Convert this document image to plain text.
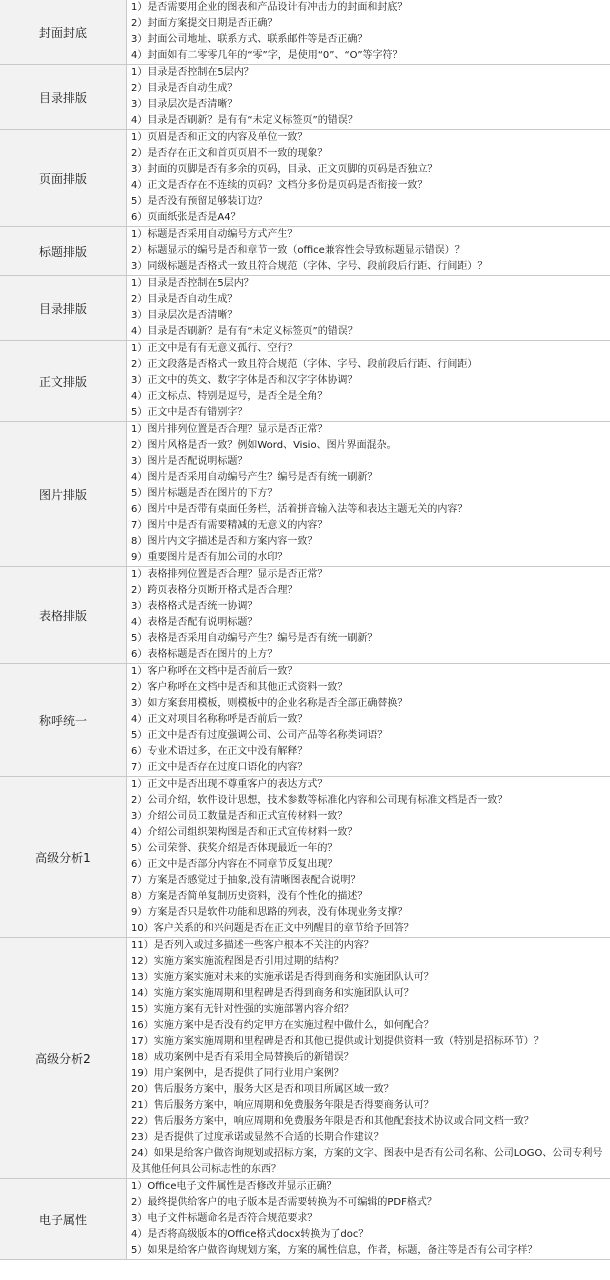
封面封底
1）是否需要用企业的图表和产品设计有冲击力的封面和封底？
2）封面方案提交日期是否正确？
3）封面公司地址、联系方式、联系邮件等是否正确？
4）封面如有二零零几年的“零”字，是使用“0”、“O”等字符？
目录排版
1）目录是否控制在5层内？
2）目录是否自动生成？
3）目录层次是否清晰？
4）目录是否刷新？是有有“未定义标签页”的错误？
页面排版
1）页眉是否和正文的内容及单位一致？
2）是否存在正文和首页页眉不一致的现象？
3）封面的页脚是否有多余的页码，目录、正文页脚的页码是否独立？
4）正文是否存在不连续的页码？文档分多份是页码是否衔接一致？
5）是否没有预留足够装订边？
6）页面纸张是否是A4？
标题排版
1）标题是否采用自动编号方式产生？
2）标题显示的编号是否和章节一致（office兼容性会导致标题显示错误）？
3）同级标题是否格式一致且符合规范（字体、字号、段前段后行距、行间距）？
目录排版
1）目录是否控制在5层内？
2）目录是否自动生成？
3）目录层次是否清晰？
4）目录是否刷新？是有有“未定义标签页”的错误？
正文排版
1）正文中是有有无意义孤行、空行？
2）正文段落是否格式一致且符合规范（字体、字号、段前段后行距、行间距）
3）正文中的英文、数字字体是否和汉字字体协调？
4）正文标点、特别是逗号，是否全是全角？
5）正文中是否有错别字？
图片排版
1）图片排列位置是否合理？显示是否正常？
2）图片风格是否一致？例如Word、Visio、图片界面混杂。
3）图片是否配说明标题？
4）图片是否采用自动编号产生？编号是否有统一刷新？
5）图片标题是否在图片的下方？
6）图片中是否带有桌面任务栏，活着拼音输入法等和表达主题无关的内容？
7）图片中是否有需要精减的无意义的内容？
8）图片内文字描述是否和方案内容一致？
9）重要图片是否有加公司的水印？
表格排版
1）表格排列位置是否合理？显示是否正常？
2）跨页表格分页断开格式是否合理？
3）表格格式是否统一协调？
4）表格是否配有说明标题？
5）表格是否采用自动编号产生？编号是否有统一刷新？
6）表格标题是否在图片的上方？
称呼统一
1）客户称呼在文档中是否前后一致？
2）客户称呼在文档中是否和其他正式资料一致？
3）如方案套用模板，则模板中的企业名称是否全部正确替换？
4）正文对项目名称称呼是否前后一致？
5）正文中是否有过度强调公司、公司产品等名称类词语？
6）专业术语过多，在正文中没有解释？
7）正文中是否存在过度口语化的内容？
高级分析1
1）正文中是否出现不尊重客户的表达方式？
2）公司介绍，软件设计思想，技术参数等标准化内容和公司现有标准文档是否一致？
3）介绍公司员工数量是否和正式宣传材料一致？
4）介绍公司组织架构图是否和正式宣传材料一致？
5）公司荣誉、获奖介绍是否体现最近一年的？
6）正文中是否部分内容在不同章节反复出现？
7）方案是否感觉过于抽象,没有清晰图表配合说明？
8）方案是否简单复制历史资料，没有个性化的描述？
9）方案是否只是软件功能和思路的列表，没有体现业务支撑？
10）客户关系的和兴问题是否在正文中列醒目的章节给予回答？
高级分析2
11）是否列入或过多描述一些客户根本不关注的内容？
12）实施方案实施流程图是否引用过期的结构？
13）实施方案实施对未来的实施承诺是否得到商务和实施团队认可？
14）实施方案实施周期和里程碑是否得到商务和实施团队认可？
15）实施方案有无针对性强的实施部署内容介绍？
16）实施方案中是否没有约定甲方在实施过程中做什么，如何配合？
17）实施方案实施周期和里程碑是否和其他已提供或计划提供资料一致（特别是招标环节）？
18）成功案例中是否有采用全局替换后的新错误？
19）用户案例中，是否提供了同行业用户案例？
20）售后服务方案中，服务大区是否和项目所属区域一致？
21）售后服务方案中，响应周期和免费服务年限是否得要商务认可？
22）售后服务方案中，响应周期和免费服务年限是否和其他配套技术协议或合同文档一致？
23）是否提供了过度承诺或显然不合适的长期合作建议？
24）如果是给客户做咨询规划或招标方案，方案的文字、图表中是否有公司名称、公司LOGO、公司专利号及其他任何具公司标志性的东西？
电子属性
1）Office电子文件属性是否修改并显示正确？
2）最终提供给客户的电子版本是否需要转换为不可编辑的PDF格式？
3）电子文件标题命名是否符合规范要求？
4）是否将高级版本的Office格式docx转换为了doc？
5）如果是给客户做咨询规划方案，方案的属性信息，作者，标题，备注等是否有公司字样？
